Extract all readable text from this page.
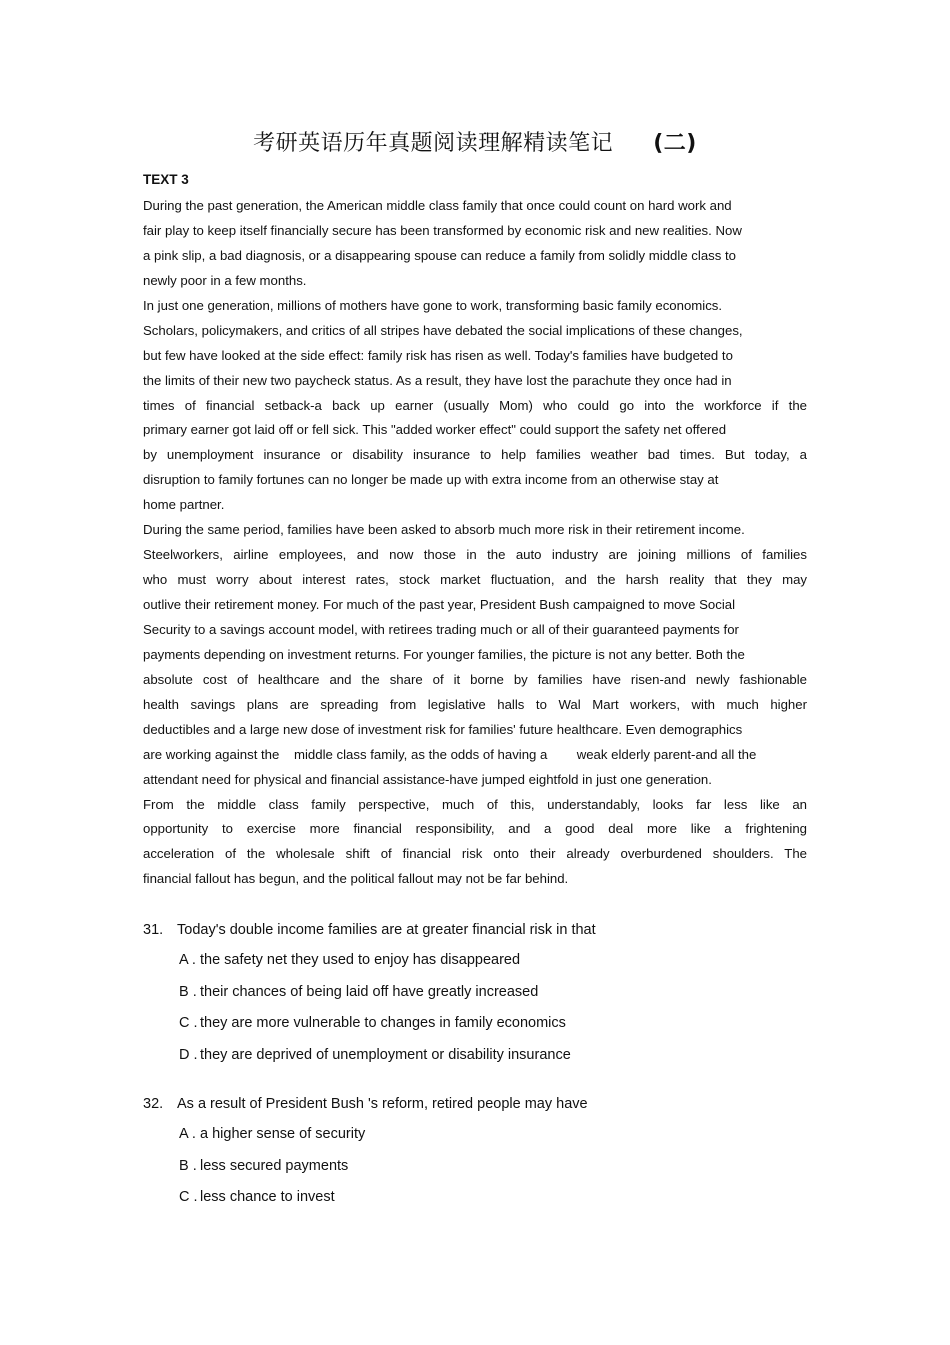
考研英语历年真题阅读理解精读笔记 (二)
TEXT 3
During the past generation, the American middle class family that once could count on hard work and
fair play to keep itself financially secure has been transformed by economic risk and new realities. Now
a pink slip, a bad diagnosis, or a disappearing spouse can reduce a family from solidly middle class to
newly poor in a few months.
In just one generation, millions of mothers have gone to work, transforming basic family economics.
Scholars, policymakers, and critics of all stripes have debated the social implications of these changes,
but few have looked at the side effect: family risk has risen as well. Today's families have budgeted to
the limits of their new two paycheck status. As a result, they have lost the parachute they once had in
times of financial setback-a back up earner (usually Mom) who could go into the workforce if the
primary earner got laid off or fell sick. This "added worker effect" could support the safety net offered
by unemployment insurance or disability insurance to help families weather bad times. But today, a
disruption to family fortunes can no longer be made up with extra income from an otherwise stay at
home partner.
During the same period, families have been asked to absorb much more risk in their retirement income.
Steelworkers, airline employees, and now those in the auto industry are joining millions of families
who must worry about interest rates, stock market fluctuation, and the harsh reality that they may
outlive their retirement money. For much of the past year, President Bush campaigned to move Social
Security to a savings account model, with retirees trading much or all of their guaranteed payments for
payments depending on investment returns. For younger families, the picture is not any better. Both the
absolute cost of healthcare and the share of it borne by families have risen-and newly fashionable
health savings plans are spreading from legislative halls to Wal Mart workers, with much higher
deductibles and a large new dose of investment risk for families' future healthcare. Even demographics
are working against the    middle class family, as the odds of having a        weak elderly parent-and all the
attendant need for physical and financial assistance-have jumped eightfold in just one generation.
From the middle class family perspective, much of this, understandably, looks far less like an
opportunity to exercise more financial responsibility, and a good deal more like a frightening
acceleration of the wholesale shift of financial risk onto their already overburdened shoulders. The
financial fallout has begun, and the political fallout may not be far behind.
31. Today's double income families are at greater financial risk in that
A . the safety net they used to enjoy has disappeared
B . their chances of being laid off have greatly increased
C . they are more vulnerable to changes in family economics
D . they are deprived of unemployment or disability insurance
32. As a result of President Bush 's reform, retired people may have
A . a higher sense of security
B . less secured payments
C . less chance to invest
